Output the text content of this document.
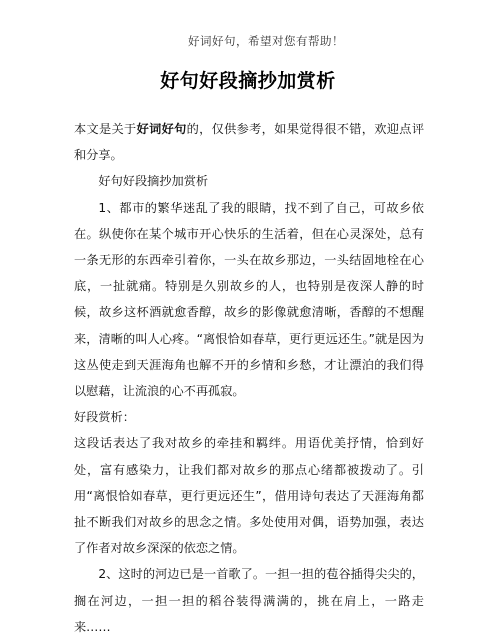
好词好句，希望对您有帮助！
好句好段摘抄加赏析

本文是关于好词好句的，仅供参考，如果觉得很不错，欢迎点评和分享。

好句好段摘抄加赏析

1、都市的繁华迷乱了我的眼睛，找不到了自己，可故乡依在。纵使你在某个城市开心快乐的生活着，但在心灵深处，总有一条无形的东西牵引着你，一头在故乡那边，一头结固地栓在心底，一扯就痛。特别是久别故乡的人，也特别是夜深人静的时候，故乡这杯酒就愈香醇，故乡的影像就愈清晰，香醇的不想醒来，清晰的叫人心疼。“离恨恰如春草，更行更远还生。”就是因为这丛使走到天涯海角也解不开的乡情和乡愁，才让漂泊的我们得以慰藉，让流浪的心不再孤寂。

好段赏析：

这段话表达了我对故乡的牵挂和羁绊。用语优美抒情，恰到好处，富有感染力，让我们都对故乡的那点心绪都被拨动了。引用“离恨恰如春草，更行更远还生”，借用诗句表达了天涯海角都扯不断我们对故乡的思念之情。多处使用对偶，语势加强，表达了作者对故乡深深的依恋之情。

2、这时的河边已是一首歌了。一担一担的苞谷插得尖尖的，搁在河边，一担一担的稻谷装得满满的，挑在肩上，一路走来……
